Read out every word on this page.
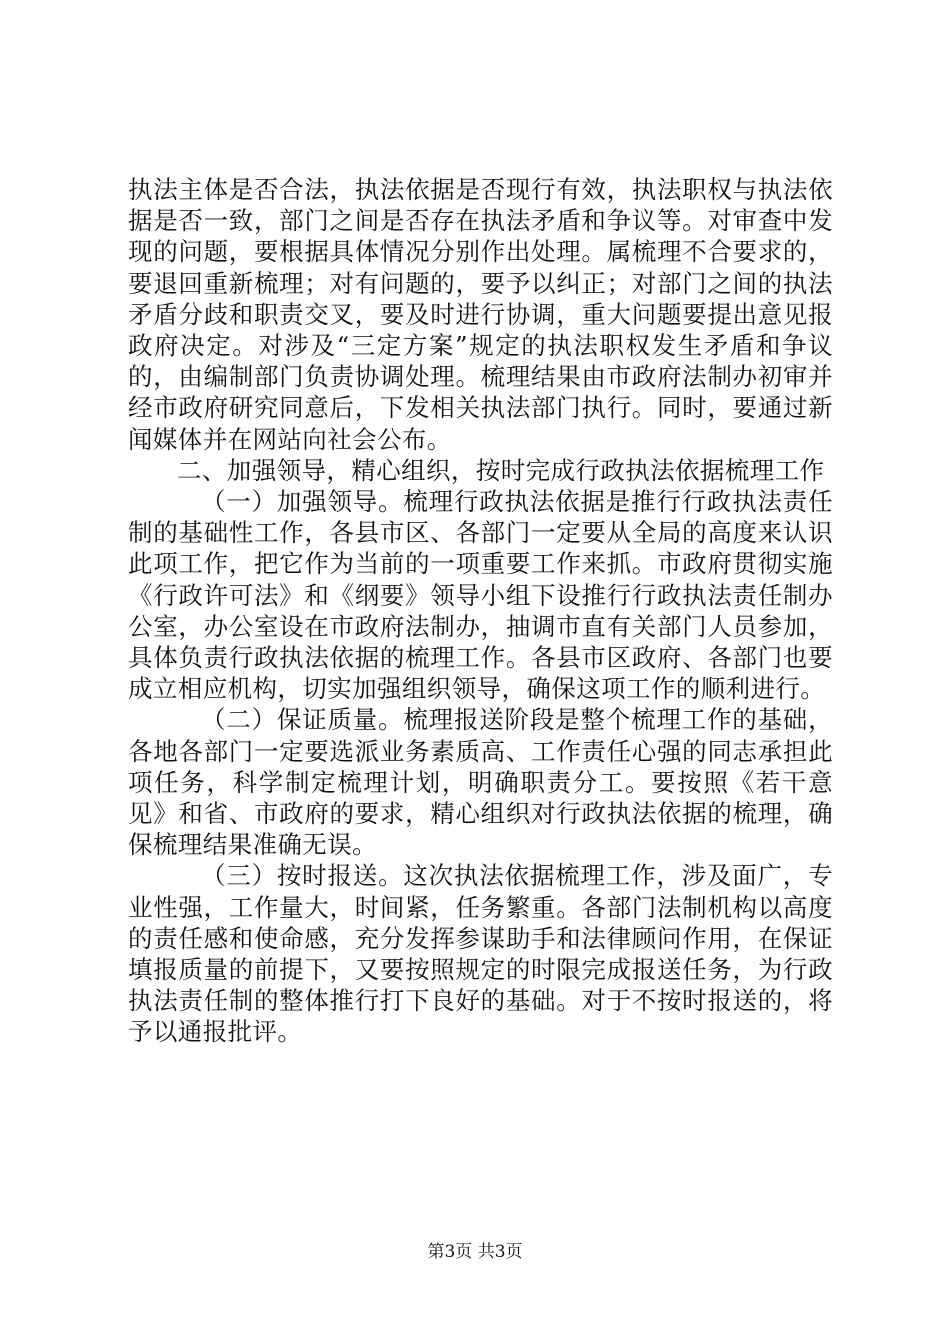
执法主体是否合法，执法依据是否现行有效，执法职权与执法依据是否一致，部门之间是否存在执法矛盾和争议等。对审查中发现的问题，要根据具体情况分别作出处理。属梳理不合要求的，要退回重新梳理；对有问题的，要予以纠正；对部门之间的执法矛盾分歧和职责交叉，要及时进行协调，重大问题要提出意见报政府决定。对涉及“三定方案”规定的执法职权发生矛盾和争议的，由编制部门负责协调处理。梳理结果由市政府法制办初审并经市政府研究同意后，下发相关执法部门执行。同时，要通过新闻媒体并在网站向社会公布。

二、加强领导，精心组织，按时完成行政执法依据梳理工作

（一）加强领导。梳理行政执法依据是推行行政执法责任制的基础性工作，各县市区、各部门一定要从全局的高度来认识此项工作，把它作为当前的一项重要工作来抓。市政府贯彻实施《行政许可法》和《纲要》领导小组下设推行行政执法责任制办公室，办公室设在市政府法制办，抽调市直有关部门人员参加，具体负责行政执法依据的梳理工作。各县市区政府、各部门也要成立相应机构，切实加强组织领导，确保这项工作的顺利进行。

（二）保证质量。梳理报送阶段是整个梳理工作的基础，各地各部门一定要选派业务素质高、工作责任心强的同志承担此项任务，科学制定梳理计划，明确职责分工。要按照《若干意见》和省、市政府的要求，精心组织对行政执法依据的梳理，确保梳理结果准确无误。

（三）按时报送。这次执法依据梳理工作，涉及面广，专业性强，工作量大，时间紧，任务繁重。各部门法制机构以高度的责任感和使命感，充分发挥参谋助手和法律顾问作用，在保证填报质量的前提下，又要按照规定的时限完成报送任务，为行政执法责任制的整体推行打下良好的基础。对于不按时报送的，将予以通报批评。

第3页 共3页
